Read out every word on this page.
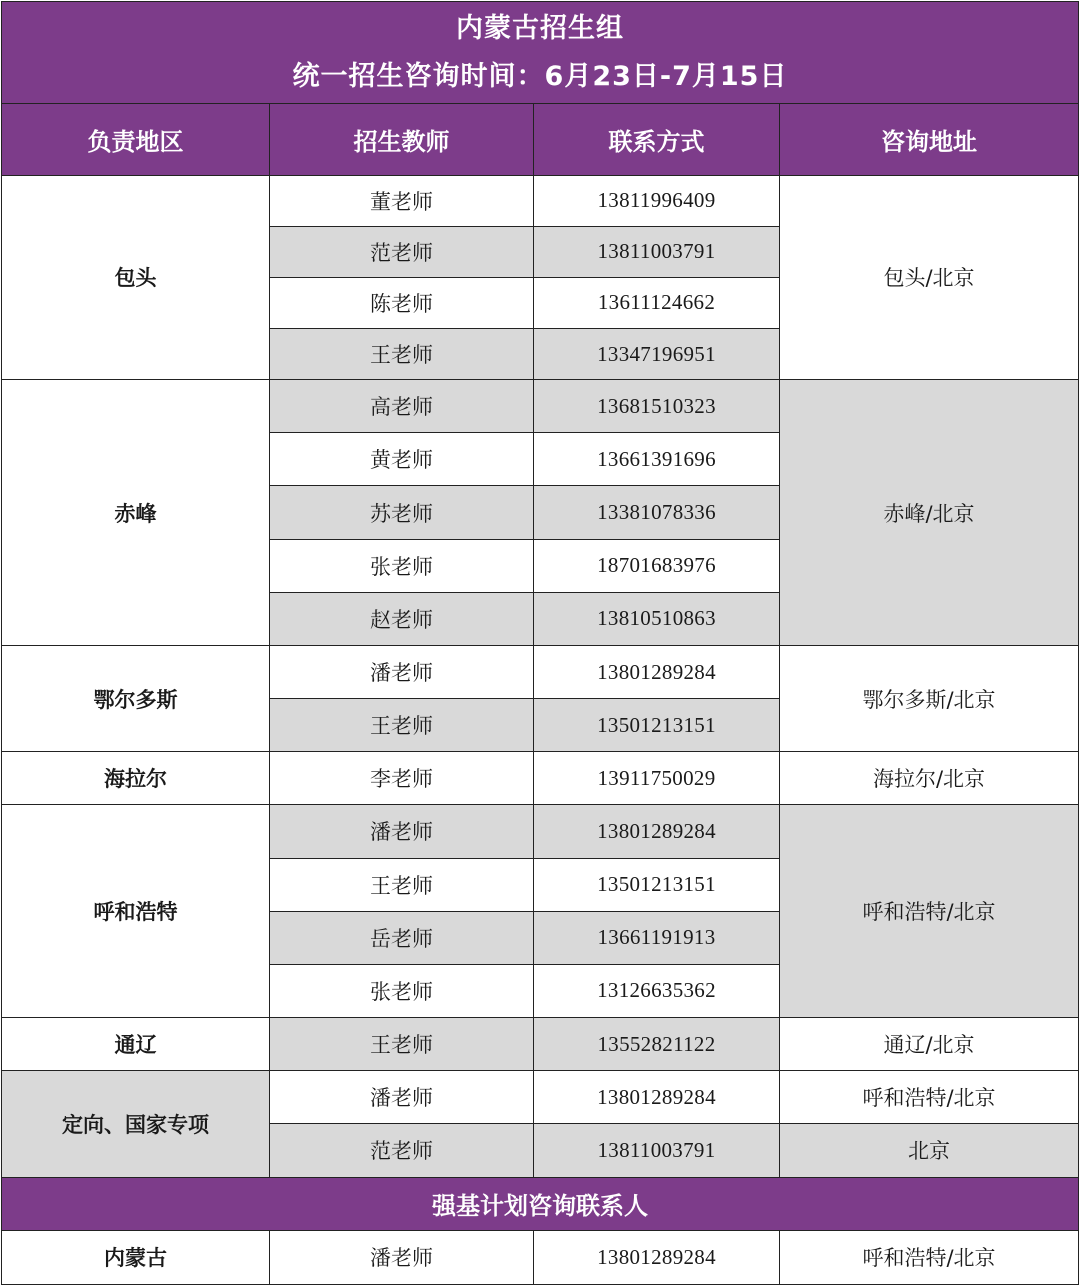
内蒙古招生组
统一招生咨询时间：6月23日-7月15日			

负责地区	招生教师	联系方式	咨询地址
包头	董老师	13811996409	包头/北京
	范老师	13811003791	
	陈老师	13611124662	
	王老师	13347196951	
赤峰	高老师	13681510323	赤峰/北京
	黄老师	13661391696	
	苏老师	13381078336	
	张老师	18701683976	
	赵老师	13810510863	
鄂尔多斯	潘老师	13801289284	鄂尔多斯/北京
	王老师	13501213151	
海拉尔	李老师	13911750029	海拉尔/北京
呼和浩特	潘老师	13801289284	呼和浩特/北京
	王老师	13501213151	
	岳老师	13661191913	
	张老师	13126635362	
通辽	王老师	13552821122	通辽/北京
定向、国家专项	潘老师	13801289284	呼和浩特/北京
	范老师	13811003791	北京
强基计划咨询联系人			
内蒙古	潘老师	13801289284	呼和浩特/北京
